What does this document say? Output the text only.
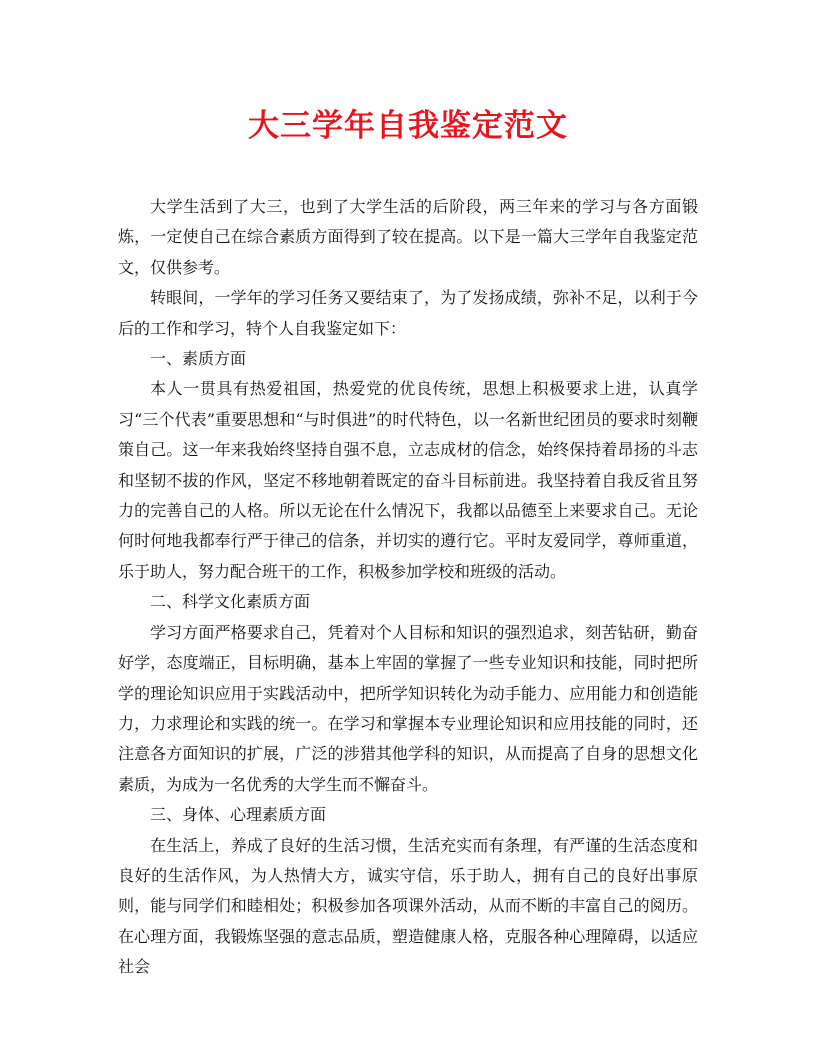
大三学年自我鉴定范文

大学生活到了大三，也到了大学生活的后阶段，两三年来的学习与各方面锻炼，一定使自己在综合素质方面得到了较在提高。以下是一篇大三学年自我鉴定范文，仅供参考。

转眼间，一学年的学习任务又要结束了，为了发扬成绩，弥补不足，以利于今后的工作和学习，特个人自我鉴定如下：

一、素质方面

本人一贯具有热爱祖国，热爱党的优良传统，思想上积极要求上进，认真学习“三个代表”重要思想和“与时俱进”的时代特色，以一名新世纪团员的要求时刻鞭策自己。这一年来我始终坚持自强不息，立志成材的信念，始终保持着昂扬的斗志和坚韧不拔的作风，坚定不移地朝着既定的奋斗目标前进。我坚持着自我反省且努力的完善自己的人格。所以无论在什么情况下，我都以品德至上来要求自己。无论何时何地我都奉行严于律己的信条，并切实的遵行它。平时友爱同学，尊师重道，乐于助人，努力配合班干的工作，积极参加学校和班级的活动。

二、科学文化素质方面

学习方面严格要求自己，凭着对个人目标和知识的强烈追求，刻苦钻研，勤奋好学，态度端正，目标明确，基本上牢固的掌握了一些专业知识和技能，同时把所学的理论知识应用于实践活动中，把所学知识转化为动手能力、应用能力和创造能力，力求理论和实践的统一。在学习和掌握本专业理论知识和应用技能的同时，还注意各方面知识的扩展，广泛的涉猎其他学科的知识，从而提高了自身的思想文化素质，为成为一名优秀的大学生而不懈奋斗。

三、身体、心理素质方面

在生活上，养成了良好的生活习惯，生活充实而有条理，有严谨的生活态度和良好的生活作风，为人热情大方，诚实守信，乐于助人，拥有自己的良好出事原则，能与同学们和睦相处；积极参加各项课外活动，从而不断的丰富自己的阅历。在心理方面，我锻炼坚强的意志品质，塑造健康人格，克服各种心理障碍，以适应社会
